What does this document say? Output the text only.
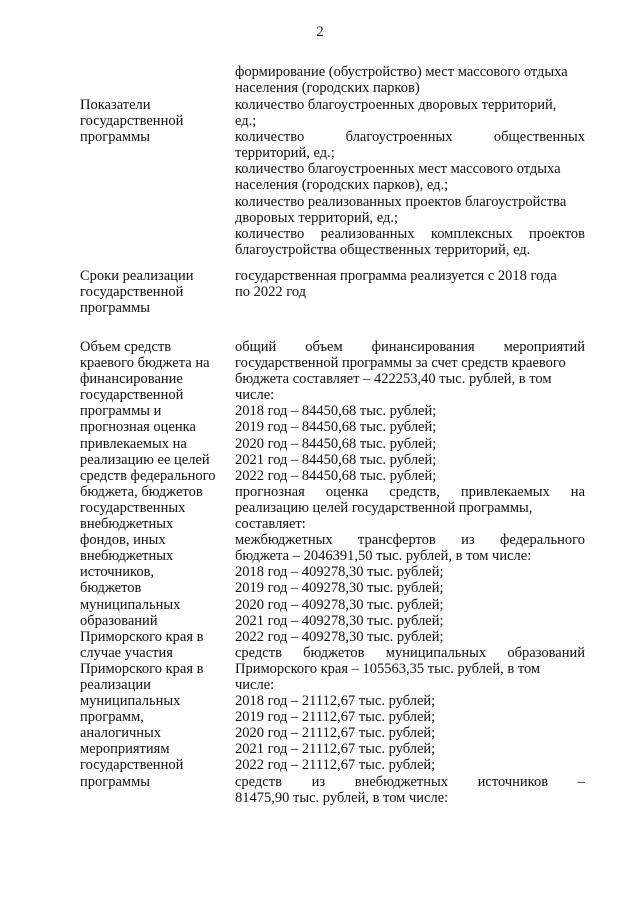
2
формирование (обустройство) мест массового отдыха
населения (городских парков)
Показатели
государственной
программы
количество благоустроенных дворовых территорий,
ед.;
количество благоустроенных общественных
территорий, ед.;
количество благоустроенных мест массового отдыха
населения (городских парков), ед.;
количество реализованных проектов благоустройства
дворовых территорий, ед.;
количество реализованных комплексных проектов
благоустройства общественных территорий, ед.
Сроки реализации
государственной
программы
государственная программа реализуется с 2018 года
по 2022 год
Объем средств
краевого бюджета на
финансирование
государственной
программы и
прогнозная оценка
привлекаемых на
реализацию ее целей
средств федерального
бюджета, бюджетов
государственных
внебюджетных
фондов, иных
внебюджетных
источников,
бюджетов
муниципальных
образований
Приморского края в
случае участия
Приморского края в
реализации
муниципальных
программ,
аналогичных
мероприятиям
государственной
программы
общий объем финансирования мероприятий
государственной программы за счет средств краевого
бюджета составляет – 422253,40 тыс. рублей, в том
числе:
2018 год – 84450,68 тыс. рублей;
2019 год – 84450,68 тыс. рублей;
2020 год – 84450,68 тыс. рублей;
2021 год – 84450,68 тыс. рублей;
2022 год – 84450,68 тыс. рублей;
прогнозная оценка средств, привлекаемых на
реализацию целей государственной программы,
составляет:
межбюджетных трансфертов из федерального
бюджета – 2046391,50 тыс. рублей, в том числе:
2018 год – 409278,30 тыс. рублей;
2019 год – 409278,30 тыс. рублей;
2020 год – 409278,30 тыс. рублей;
2021 год – 409278,30 тыс. рублей;
2022 год – 409278,30 тыс. рублей;
средств бюджетов муниципальных образований
Приморского края – 105563,35 тыс. рублей, в том
числе:
2018 год – 21112,67 тыс. рублей;
2019 год – 21112,67 тыс. рублей;
2020 год – 21112,67 тыс. рублей;
2021 год – 21112,67 тыс. рублей;
2022 год – 21112,67 тыс. рублей;
средств из внебюджетных источников –
81475,90 тыс. рублей, в том числе:
